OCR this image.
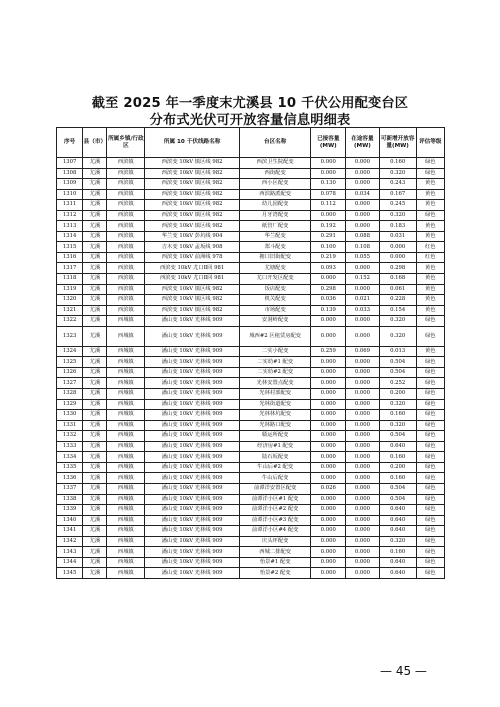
截至 2025 年一季度末尤溪县 10 千伏公用配变台区
分布式光伏可开放容量信息明细表
序号	县（市）	所属乡镇/行政区	所属 10 千伏线路名称	台区名称	已接容量(MW)	在途容量(MW)	可新增开放容量(MW)	评估等级
1307	尤溪	西滨镇	西滨变 10kV 镇区线 982	西滨卫生院配变	0.000	0.000	0.160	绿色
1308	尤溪	西滨镇	西滨变 10kV 镇区线 982	西街配变	0.000	0.000	0.320	绿色
1309	尤溪	西滨镇	西滨变 10kV 镇区线 982	西小区配变	0.130	0.000	0.243	黄色
1310	尤溪	西滨镇	西滨变 10kV 镇区线 982	西滨路派配变	0.078	0.034	0.167	黄色
1311	尤溪	西滨镇	西滨变 10kV 镇区线 982	幼儿园配变	0.112	0.000	0.245	黄色
1312	尤溪	西滨镇	西滨变 10kV 镇区线 982	月牙湾配变	0.000	0.000	0.320	绿色
1313	尤溪	西滨镇	西滨变 10kV 镇区线 982	纸管厂配变	0.192	0.000	0.183	黄色
1314	尤溪	西滨镇	华兰变 10kV 彭坑线 904	华兰配变	0.291	0.088	0.031	黄色
1315	尤溪	西滨镇	吉木变 10kV 孟坂线 908	郑斗配变	0.100	0.108	0.000	红色
1316	尤溪	西滨镇	西滨变 10kV 前洲线 978	拥口旧街配变	0.219	0.055	0.000	红色
1317	尤溪	西滨镇	西滨变 10kV 尤口Ⅱ回 981	尤塘配变	0.093	0.000	0.298	黄色
1318	尤溪	西滨镇	西滨变 10kV 尤口Ⅱ回 981	尤口开发区配变	0.000	0.152	0.168	黄色
1319	尤溪	西滨镇	西滨变 10kV 镇区线 982	饭店配变	0.298	0.000	0.061	黄色
1320	尤溪	西滨镇	西滨变 10kV 镇区线 982	机关配变	0.036	0.021	0.228	黄色
1321	尤溪	西滨镇	西滨变 10kV 镇区线 982	市场配变	0.139	0.033	0.154	黄色
1322	尤溪	西城镇	潘山变 10kV 光林线 909	安洞岭配变	0.000	0.000	0.320	绿色
1323	尤溪	西城镇	潘山变 10kV 光林线 909	城西#2 区租赁房配变	0.000	0.000	0.320	绿色
1324	尤溪	西城镇	潘山变 10kV 光林线 909	二实小配变	0.259	0.069	0.013	黄色
1325	尤溪	西城镇	潘山变 10kV 光林线 909	二实幼#1 配变	0.000	0.000	0.504	绿色
1326	尤溪	西城镇	潘山变 10kV 光林线 909	二实幼#2 配变	0.000	0.000	0.504	绿色
1327	尤溪	西城镇	潘山变 10kV 光林线 909	光林安置点配变	0.000	0.000	0.252	绿色
1328	尤溪	西城镇	潘山变 10kV 光林线 909	光林村部配变	0.000	0.000	0.200	绿色
1329	尤溪	西城镇	潘山变 10kV 光林线 909	光林街道配变	0.000	0.000	0.320	绿色
1330	尤溪	西城镇	潘山变 10kV 光林线 909	光林林坑配变	0.000	0.000	0.160	绿色
1331	尤溪	西城镇	潘山变 10kV 光林线 909	光林路口配变	0.000	0.000	0.320	绿色
1332	尤溪	西城镇	潘山变 10kV 光林线 909	赣运所配变	0.000	0.000	0.504	绿色
1333	尤溪	西城镇	潘山变 10kV 光林线 909	经济房#1 配变	0.000	0.000	0.640	绿色
1334	尤溪	西城镇	潘山变 10kV 光林线 909	陆石坂配变	0.000	0.000	0.160	绿色
1335	尤溪	西城镇	潘山变 10kV 光林线 909	牛山后#2 配变	0.000	0.000	0.200	绿色
1336	尤溪	西城镇	潘山变 10kV 光林线 909	牛山后配变	0.000	0.000	0.160	绿色
1337	尤溪	西城镇	潘山变 10kV 光林线 909	前谭洋安置区配变	0.026	0.000	0.504	绿色
1338	尤溪	西城镇	潘山变 10kV 光林线 909	前谭洋小区#1 配变	0.000	0.000	0.504	绿色
1339	尤溪	西城镇	潘山变 10kV 光林线 909	前谭洋小区#2 配变	0.000	0.000	0.640	绿色
1340	尤溪	西城镇	潘山变 10kV 光林线 909	前谭洋小区#3 配变	0.000	0.000	0.640	绿色
1341	尤溪	西城镇	潘山变 10kV 光林线 909	前谭洋小区#4 配变	0.000	0.000	0.640	绿色
1342	尤溪	西城镇	潘山变 10kV 光林线 909	庆头坪配变	0.000	0.000	0.320	绿色
1343	尤溪	西城镇	潘山变 10kV 光林线 909	西城二排配变	0.000	0.000	0.160	绿色
1344	尤溪	西城镇	潘山变 10kV 光林线 909	怡景#1 配变	0.000	0.000	0.640	绿色
1345	尤溪	西城镇	潘山变 10kV 光林线 909	怡景#2 配变	0.000	0.000	0.640	绿色
— 45 —
